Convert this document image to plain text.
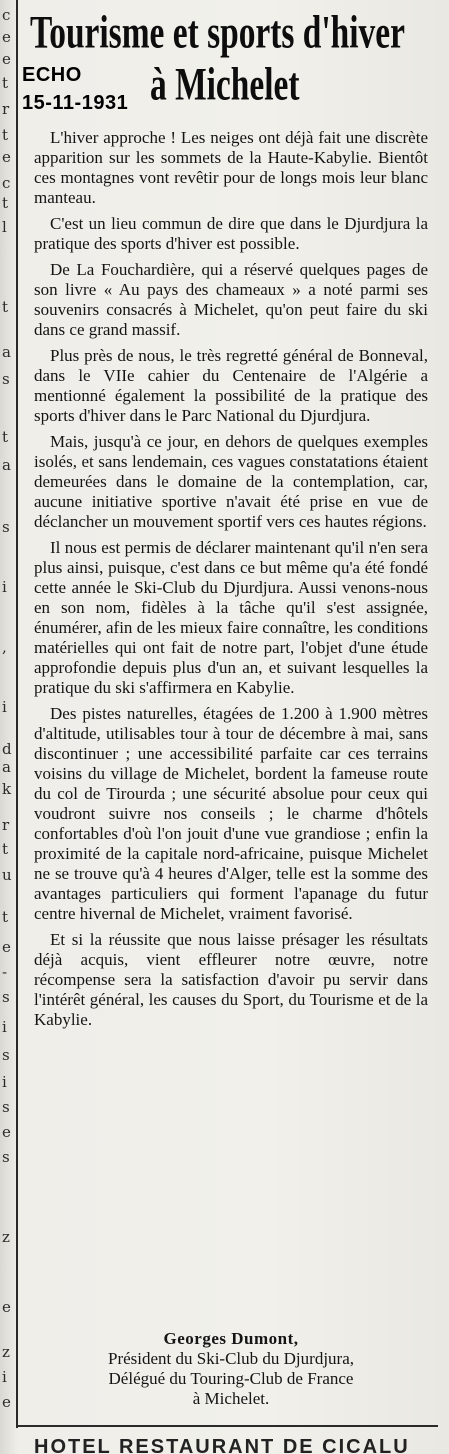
c
e
e
t
r
t
e
c
t
l
t
a
s
t
a
s
i
,
i
d
a
k
r
t
u
t
e
-
s
i
s
i
s
e
s
z
e
z
i
e
ECHO
15-11-1931
Tourisme et sports d'hiver
à Michelet

L'hiver approche ! Les neiges ont déjà fait une discrète apparition sur les sommets de la Haute-Kabylie. Bientôt ces montagnes vont revêtir pour de longs mois leur blanc manteau.

C'est un lieu commun de dire que dans le Djurdjura la pratique des sports d'hiver est possible.

De La Fouchardière, qui a réservé quelques pages de son livre « Au pays des chameaux » a noté parmi ses souvenirs consacrés à Michelet, qu'on peut faire du ski dans ce grand massif.

Plus près de nous, le très regretté général de Bonneval, dans le VIIe cahier du Centenaire de l'Algérie a mentionné également la possibilité de la pratique des sports d'hiver dans le Parc National du Djurdjura.

Mais, jusqu'à ce jour, en dehors de quelques exemples isolés, et sans lendemain, ces vagues constatations étaient demeurées dans le domaine de la contemplation, car, aucune initiative sportive n'avait été prise en vue de déclancher un mouvement sportif vers ces hautes régions.

Il nous est permis de déclarer maintenant qu'il n'en sera plus ainsi, puisque, c'est dans ce but même qu'a été fondé cette année le Ski-Club du Djurdjura. Aussi venons-nous en son nom, fidèles à la tâche qu'il s'est assignée, énumérer, afin de les mieux faire connaître, les conditions matérielles qui ont fait de notre part, l'objet d'une étude approfondie depuis plus d'un an, et suivant lesquelles la pratique du ski s'affirmera en Kabylie.

Des pistes naturelles, étagées de 1.200 à 1.900 mètres d'altitude, utilisables tour à tour de décembre à mai, sans discontinuer ; une accessibilité parfaite car ces terrains voisins du village de Michelet, bordent la fameuse route du col de Tirourda ; une sécurité absolue pour ceux qui voudront suivre nos conseils ; le charme d'hôtels confortables d'où l'on jouit d'une vue grandiose ; enfin la proximité de la capitale nord-africaine, puisque Michelet ne se trouve qu'à 4 heures d'Alger, telle est la somme des avantages particuliers qui forment l'apanage du futur centre hivernal de Michelet, vraiment favorisé.

Et si la réussite que nous laisse présager les résultats déjà acquis, vient effleurer notre œuvre, notre récompense sera la satisfaction d'avoir pu servir dans l'intérêt général, les causes du Sport, du Tourisme et de la Kabylie.

Georges Dumont,
Président du Ski-Club du Djurdjura,
Délégué du Touring-Club de France
à Michelet.
HOTEL RESTAURANT DE CICALU
